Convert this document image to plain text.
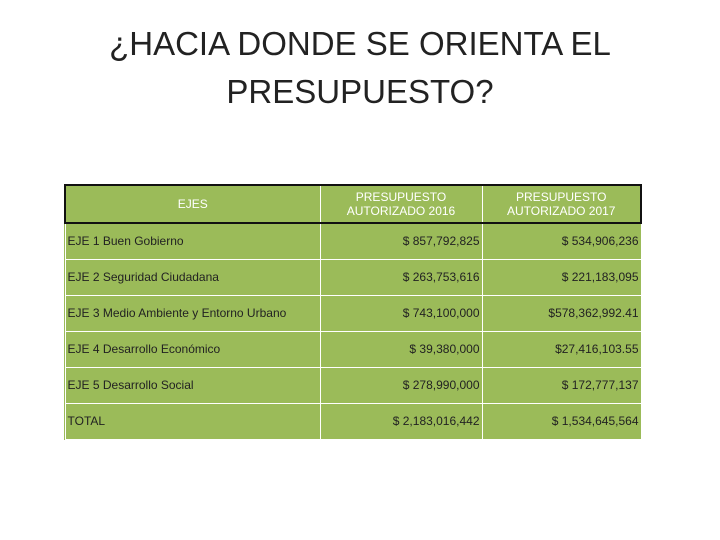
¿HACIA DONDE SE ORIENTA EL
PRESUPUESTO?
EJES	PRESUPUESTO AUTORIZADO 2016	PRESUPUESTO AUTORIZADO 2017
EJE 1 Buen Gobierno	$ 857,792,825	$ 534,906,236
EJE 2 Seguridad Ciudadana	$ 263,753,616	$ 221,183,095
EJE 3 Medio Ambiente y Entorno Urbano	$ 743,100,000	$578,362,992.41
EJE 4 Desarrollo Económico	$ 39,380,000	$27,416,103.55
EJE 5 Desarrollo Social	$ 278,990,000	$ 172,777,137
TOTAL	$ 2,183,016,442	$ 1,534,645,564
